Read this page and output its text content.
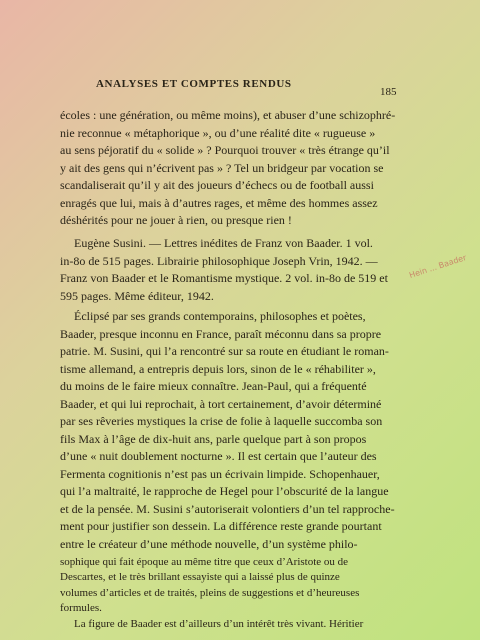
ANALYSES ET COMPTES RENDUS
185
écoles : une génération, ou même moins), et abuser d’une schizophré-
nie reconnue « métaphorique », ou d’une réalité dite « rugueuse »
au sens péjoratif du « solide » ? Pourquoi trouver « très étrange qu’il
y ait des gens qui n’écrivent pas » ? Tel un bridgeur par vocation se
scandaliserait qu’il y ait des joueurs d’échecs ou de football aussi
enragés que lui, mais à d’autres rages, et même des hommes assez
déshérités pour ne jouer à rien, ou presque rien !
Eugène Susini. — Lettres inédites de Franz von Baader. 1 vol.
in-8o de 515 pages. Librairie philosophique Joseph Vrin, 1942. —
Franz von Baader et le Romantisme mystique. 2 vol. in-8o de 519 et
595 pages. Même éditeur, 1942.
Hein ... Baader
Éclipsé par ses grands contemporains, philosophes et poètes,
Baader, presque inconnu en France, paraît méconnu dans sa propre
patrie. M. Susini, qui l’a rencontré sur sa route en étudiant le roman-
tisme allemand, a entrepris depuis lors, sinon de le « réhabiliter »,
du moins de le faire mieux connaître. Jean-Paul, qui a fréquenté
Baader, et qui lui reprochait, à tort certainement, d’avoir déterminé
par ses rêveries mystiques la crise de folie à laquelle succomba son
fils Max à l’âge de dix-huit ans, parle quelque part à son propos
d’une « nuit doublement nocturne ». Il est certain que l’auteur des
Fermenta cognitionis n’est pas un écrivain limpide. Schopenhauer,
qui l’a maltraité, le rapproche de Hegel pour l’obscurité de la langue
et de la pensée. M. Susini s’autoriserait volontiers d’un tel rapproche-
ment pour justifier son dessein. La différence reste grande pourtant
entre le créateur d’une méthode nouvelle, d’un système philo-
sophique qui fait époque au même titre que ceux d’Aristote ou de
Descartes, et le très brillant essayiste qui a laissé plus de quinze
volumes d’articles et de traités, pleins de suggestions et d’heureuses
formules.
La figure de Baader est d’ailleurs d’un intérêt très vivant. Héritier
